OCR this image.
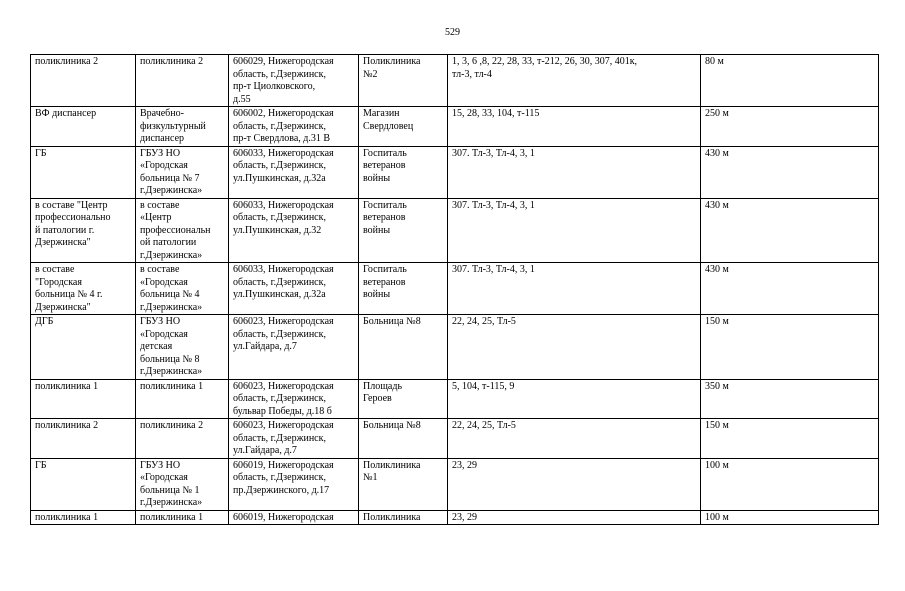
529
поликлиника 2	поликлиника 2	606029, Нижегородская
область, г.Дзержинск,
пр-т Циолковского,
д.55	Поликлиника
№2	1, 3, 6 ,8, 22, 28, 33, т-212, 26, 30, 307, 401к,
тл-3, тл-4	80 м
ВФ диспансер	Врачебно-
физкультурный
диспансер	606002, Нижегородская
область, г.Дзержинск,
пр-т Свердлова, д.31 В	Магазин
Свердловец	15, 28, 33, 104, т-115	250 м
ГБ	ГБУЗ НО
«Городская
больница № 7
г.Дзержинска»	606033, Нижегородская
область, г.Дзержинск,
ул.Пушкинская, д.32а	Госпиталь
ветеранов
войны	307. Тл-3, Тл-4, 3, 1	430 м
в составе "Центр
профессионально
й патологии г.
Дзержинска"	в составе
«Центр
профессиональн
ой патологии
г.Дзержинска»	606033, Нижегородская
область, г.Дзержинск,
ул.Пушкинская, д.32	Госпиталь
ветеранов
войны	307. Тл-3, Тл-4, 3, 1	430 м
в составе
"Городская
больница № 4 г.
Дзержинска"	в составе
«Городская
больница № 4
г.Дзержинска»	606033, Нижегородская
область, г.Дзержинск,
ул.Пушкинская, д.32а	Госпиталь
ветеранов
войны	307. Тл-3, Тл-4, 3, 1	430 м
ДГБ	ГБУЗ НО
«Городская
детская
больница № 8
г.Дзержинска»	606023, Нижегородская
область, г.Дзержинск,
ул.Гайдара, д.7	Больница №8	22, 24, 25, Тл-5	150 м
поликлиника 1	поликлиника 1	606023, Нижегородская
область, г.Дзержинск,
бульвар Победы, д.18 б	Площадь
Героев	5, 104, т-115, 9	350 м
поликлиника 2	поликлиника 2	606023, Нижегородская
область, г.Дзержинск,
ул.Гайдара, д.7	Больница №8	22, 24, 25, Тл-5	150 м
ГБ	ГБУЗ НО
«Городская
больница № 1
г.Дзержинска»	606019, Нижегородская
область, г.Дзержинск,
пр.Дзержинского, д.17	Поликлиника
№1	23, 29	100 м
поликлиника 1	поликлиника 1	606019, Нижегородская	Поликлиника	23, 29	100 м
